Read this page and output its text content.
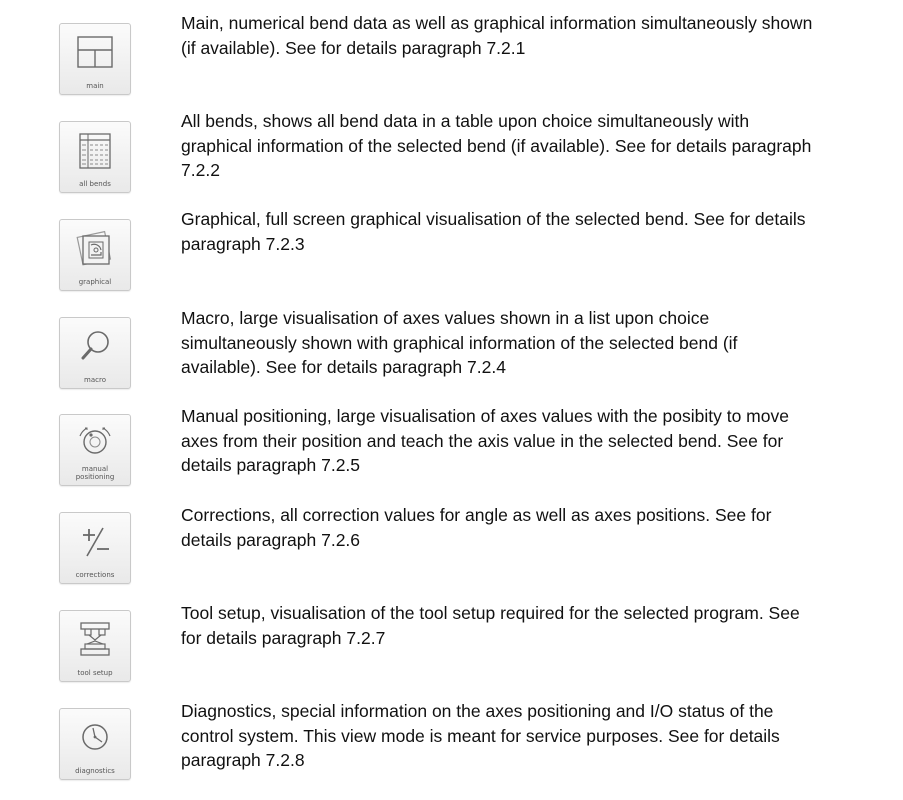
main

Main, numerical bend data as well as graphical information simultaneously shown (if available). See for details paragraph 7.2.1

all bends

All bends, shows all bend data in a table upon choice simultaneously with graphical information of the selected bend (if available). See for details paragraph 7.2.2

graphical

Graphical, full screen graphical visualisation of the selected bend. See for details paragraph 7.2.3

macro

Macro, large visualisation of axes values shown in a list upon choice simultaneously shown with graphical information of the selected bend (if available). See for details paragraph 7.2.4

manual
positioning

Manual positioning, large visualisation of axes values with the posibity to move axes from their position and teach the axis value in the selected bend. See for details paragraph 7.2.5

corrections

Corrections, all correction values for angle as well as axes positions. See for details paragraph 7.2.6

tool setup

Tool setup, visualisation of the tool setup required for the selected program. See for details paragraph 7.2.7

diagnostics

Diagnostics, special information on the axes positioning and I/O status of the control system. This view mode is meant for service purposes. See for details paragraph 7.2.8
